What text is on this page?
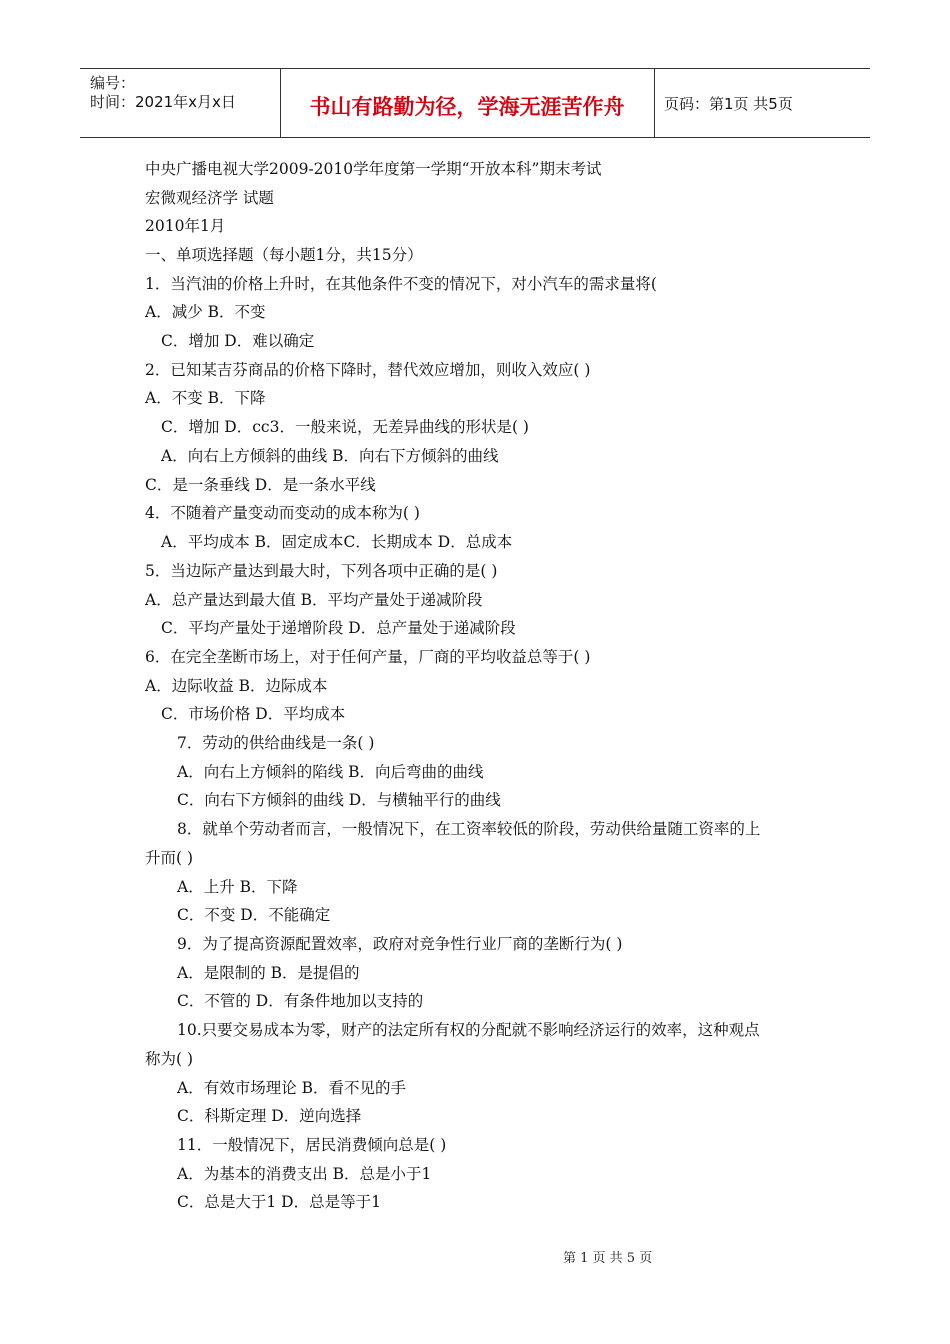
编号：
时间：2021年x月x日	书山有路勤为径，学海无涯苦作舟	页码：第1页 共5页
中央广播电视大学2009-2010学年度第一学期“开放本科”期末考试
宏微观经济学 试题
2010年1月
一、单项选择题（每小题1分，共15分）
1．当汽油的价格上升时，在其他条件不变的情况下，对小汽车的需求量将(
A．减少 B．不变
C．增加 D．难以确定
2．已知某吉芬商品的价格下降时，替代效应增加，则收入效应( )
A．不变 B．下降
C．增加 D．cc3．一般来说，无差异曲线的形状是( )
A．向右上方倾斜的曲线 B．向右下方倾斜的曲线
C．是一条垂线 D．是一条水平线
4．不随着产量变动而变动的成本称为( )
A．平均成本 B．固定成本C．长期成本 D．总成本
5．当边际产量达到最大时，下列各项中正确的是( )
A．总产量达到最大值 B．平均产量处于递减阶段
C．平均产量处于递增阶段 D．总产量处于递减阶段
6．在完全垄断市场上，对于任何产量，厂商的平均收益总等于( )
A．边际收益 B．边际成本
C．市场价格 D．平均成本
7．劳动的供给曲线是一条( )
A．向右上方倾斜的陷线 B．向后弯曲的曲线
C．向右下方倾斜的曲线 D．与横轴平行的曲线
8．就单个劳动者而言，一般情况下，在工资率较低的阶段，劳动供给量随工资率的上
升而( )
A．上升 B．下降
C．不变 D．不能确定
9．为了提高资源配置效率，政府对竞争性行业厂商的垄断行为( )
A．是限制的 B．是提倡的
C．不管的 D．有条件地加以支持的
10.只要交易成本为零，财产的法定所有权的分配就不影响经济运行的效率，这种观点
称为( )
A．有效市场理论 B．看不见的手
C．科斯定理 D．逆向选择
11．一般情况下，居民消费倾向总是( )
A．为基本的消费支出 B．总是小于1
C．总是大于1 D．总是等于1
第 1 页 共 5 页
